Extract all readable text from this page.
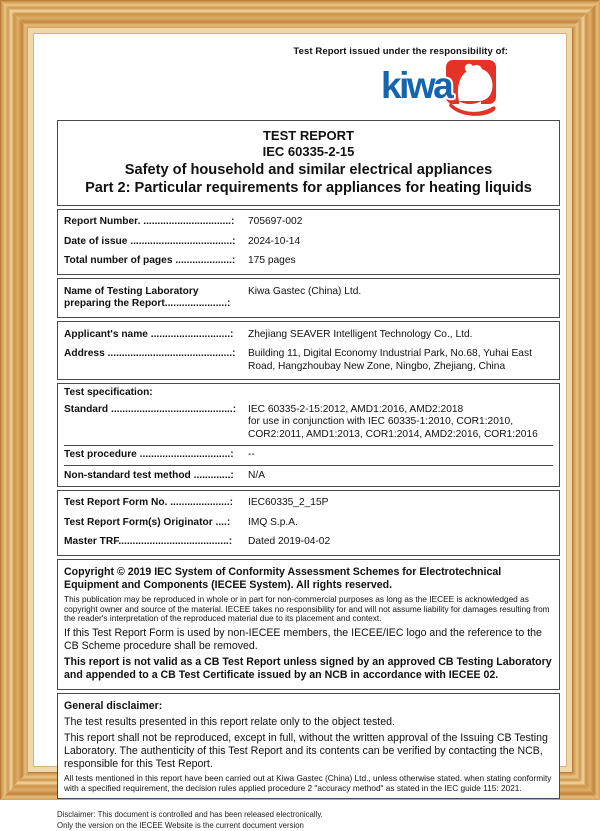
Test Report issued under the responsibility of:
kiwa
TEST REPORT
IEC 60335-2-15
Safety of household and similar electrical appliances
Part 2: Particular requirements for appliances for heating liquids
Report Number. ...............................:	705697-002
Date of issue ....................................:	2024-10-14
Total number of pages ....................:	175 pages
Name of Testing Laboratory
preparing the Report......................:
Kiwa Gastec (China) Ltd.
Applicant's name ............................:	Zhejiang SEAVER Intelligent Technology Co., Ltd.
Address ............................................:	Building 11, Digital Economy Industrial Park, No.68, Yuhai East Road, Hangzhoubay New Zone, Ningbo, Zhejiang, China
Test specification:
Standard ...........................................:	IEC 60335-2-15:2012, AMD1:2016, AMD2:2018
for use in conjunction with IEC 60335-1:2010, COR1:2010, COR2:2011, AMD1:2013, COR1:2014, AMD2:2016, COR1:2016
Test procedure ................................:	--
Non-standard test method .............:	N/A
Test Report Form No. .....................:	IEC60335_2_15P
Test Report Form(s) Originator ....:	IMQ S.p.A.
Master TRF.......................................:	Dated 2019-04-02

Copyright © 2019 IEC System of Conformity Assessment Schemes for Electrotechnical Equipment and Components (IECEE System). All rights reserved.

This publication may be reproduced in whole or in part for non-commercial purposes as long as the IECEE is acknowledged as copyright owner and source of the material. IECEE takes no responsibility for and will not assume liability for damages resulting from the reader's interpretation of the reproduced material due to its placement and context.

If this Test Report Form is used by non-IECEE members, the IECEE/IEC logo and the reference to the CB Scheme procedure shall be removed.

This report is not valid as a CB Test Report unless signed by an approved CB Testing Laboratory and appended to a CB Test Certificate issued by an NCB in accordance with IECEE 02.

General disclaimer:

The test results presented in this report relate only to the object tested.

This report shall not be reproduced, except in full, without the written approval of the Issuing CB Testing Laboratory. The authenticity of this Test Report and its contents can be verified by contacting the NCB, responsible for this Test Report.

All tests mentioned in this report have been carried out at Kiwa Gastec (China) Ltd., unless otherwise stated. when stating conformity with a specified requirement, the decision rules applied procedure 2 "accuracy method" as stated in the IEC guide 115: 2021.

Disclaimer: This document is controlled and has been released electronically.
Only the version on the IECEE Website is the current document version
